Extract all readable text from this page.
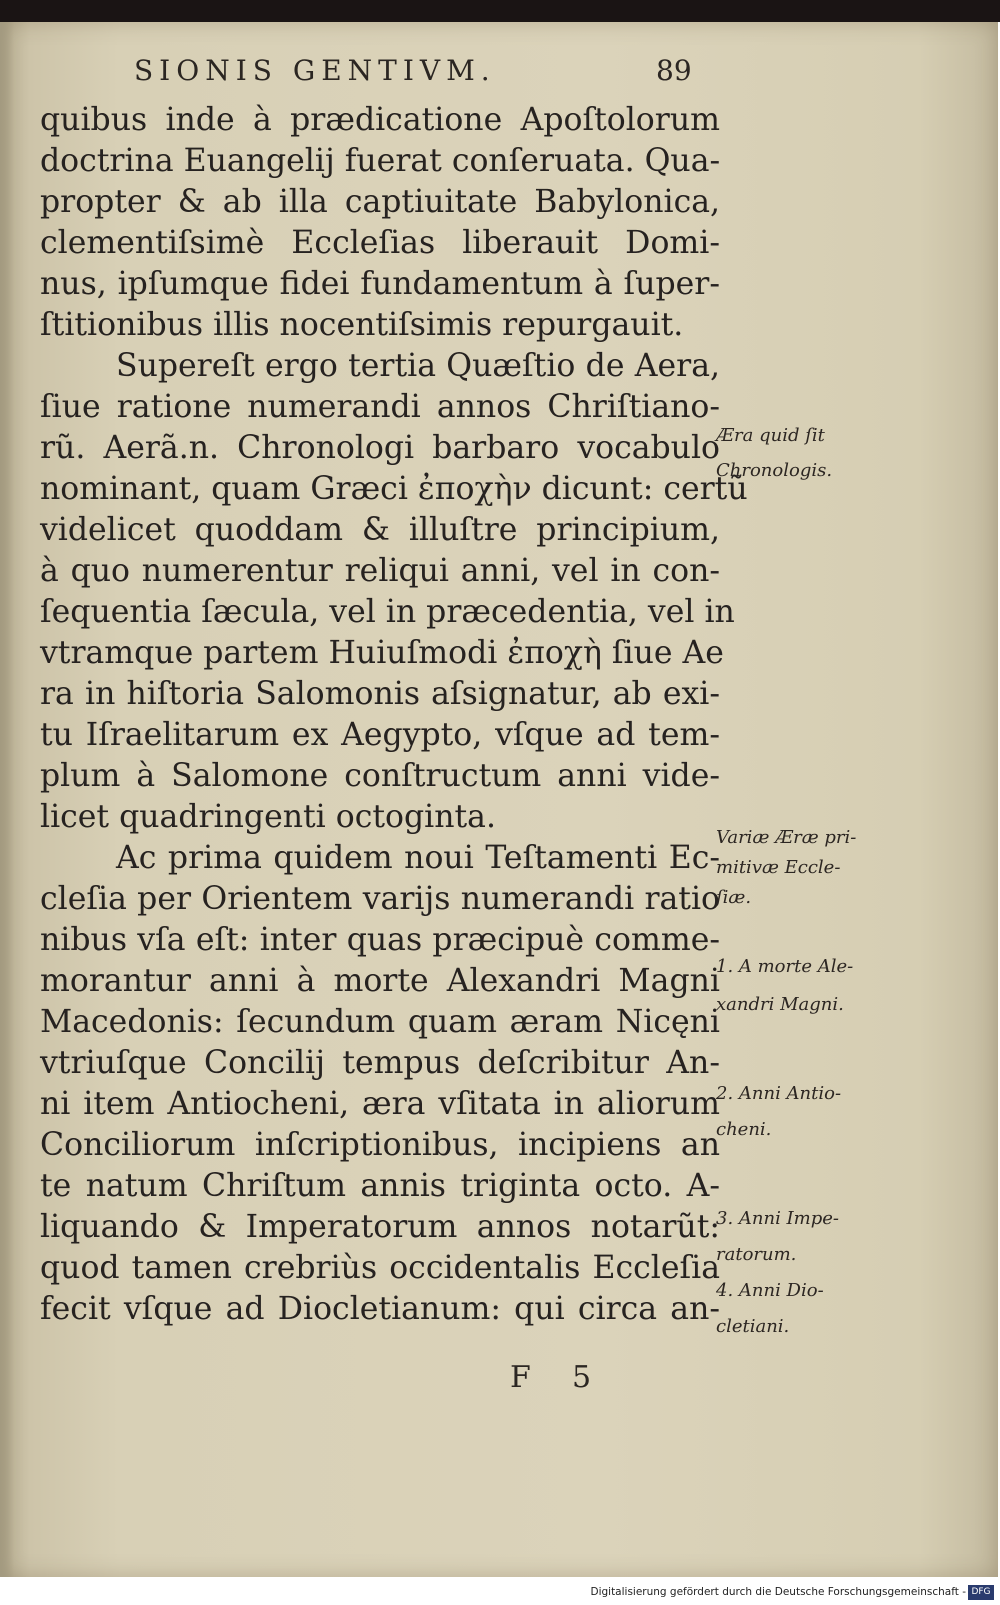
SIONIS GENTIVM.	89
quibus inde à prædicatione Apoſtolorum
doctrina Euangelij fuerat conſeruata. Qua-
propter & ab illa captiuitate Babylonica,
clementiſsimè Eccleſias liberauit Domi-
nus, ipſumque fidei fundamentum à ſuper-
ſtitionibus illis nocentiſsimis repurgauit.
Supereſt ergo tertia Quæſtio de Aera,
ſiue ratione numerandi annos Chriſtiano-
rũ. Aerã.n. Chronologi barbaro vocabulo
nominant, quam Græci ἐποχὴν dicunt: certũ
videlicet quoddam & illuſtre principium,
à quo numerentur reliqui anni, vel in con-
ſequentia ſæcula, vel in præcedentia, vel in
vtramque partem Huiuſmodi ἐποχὴ ſiue Ae
ra in hiſtoria Salomonis aſsignatur, ab exi-
tu Iſraelitarum ex Aegypto, vſque ad tem-
plum à Salomone conſtructum anni vide-
licet quadringenti octoginta.
Ac prima quidem noui Teſtamenti Ec-
cleſia per Orientem varijs numerandi ratio
nibus vſa eſt: inter quas præcipuè comme-
morantur anni à morte Alexandri Magni
Macedonis: ſecundum quam æram Nicęni
vtriuſque Concilij tempus deſcribitur An-
ni item Antiocheni, æra vſitata in aliorum
Conciliorum inſcriptionibus, incipiens an
te natum Chriſtum annis triginta octo. A-
liquando & Imperatorum annos notarũt:
quod tamen crebriùs occidentalis Eccleſia
fecit vſque ad Diocletianum: qui circa an-
Æra quid ſit
Chronologis.
Variæ Æræ pri-
mitivæ Eccle-
ſiæ.
1. A morte Ale-
xandri Magni.
2. Anni Antio-
cheni.
3. Anni Impe-
ratorum.
4. Anni Dio-
cletiani.
F 5
Digitalisierung gefördert durch die Deutsche Forschungsgemeinschaft - DFG
